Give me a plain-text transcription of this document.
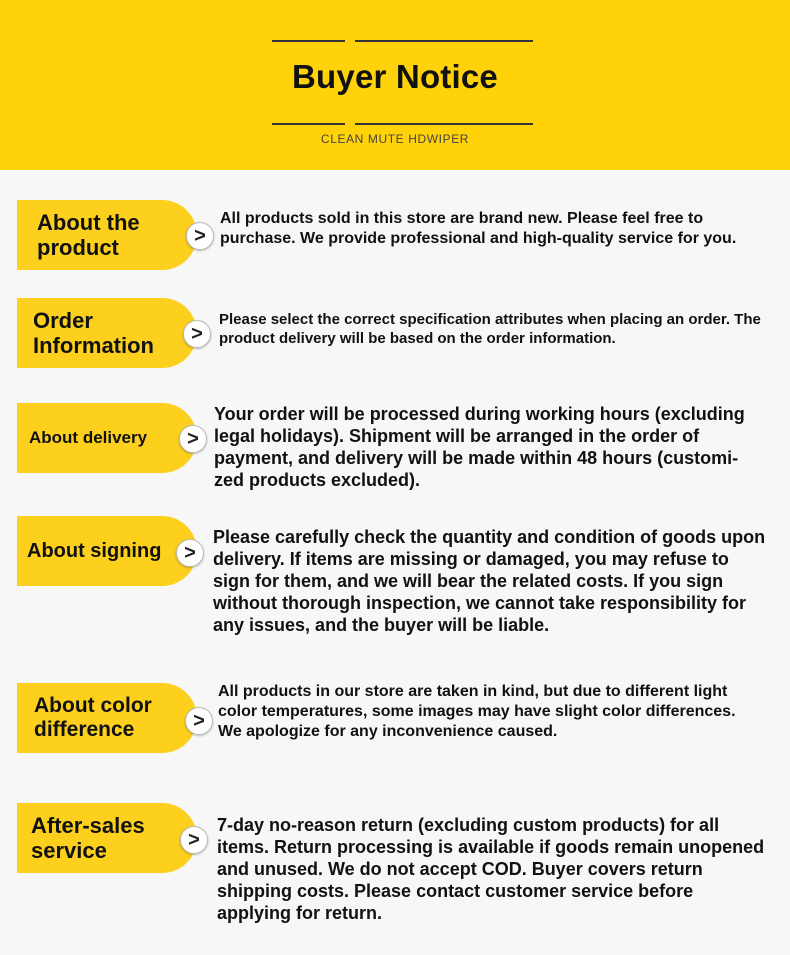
Buyer Notice
CLEAN MUTE HDWIPER
About the product	>
All products sold in this store are brand new. Please feel free to purchase. We provide professional and high-quality service for you.
Order Information	>
Please select the correct specification attributes when placing an order. The product delivery will be based on the order information.
About delivery	>
Your order will be processed during working hours (excluding legal holidays). Shipment will be arranged in the order of payment, and delivery will be made within 48 hours (customi-zed products excluded).
About signing	>
Please carefully check the quantity and condition of goods upon delivery. If items are missing or damaged, you may refuse to sign for them, and we will bear the related costs. If you sign without thorough inspection, we cannot take responsibility for any issues, and the buyer will be liable.
About color difference	>
All products in our store are taken in kind, but due to different light color temperatures, some images may have slight color differences. We apologize for any inconvenience caused.
After-sales service	>
7-day no-reason return (excluding custom products) for all items. Return processing is available if goods remain unopened and unused. We do not accept COD. Buyer covers return shipping costs. Please contact customer service before applying for return.
